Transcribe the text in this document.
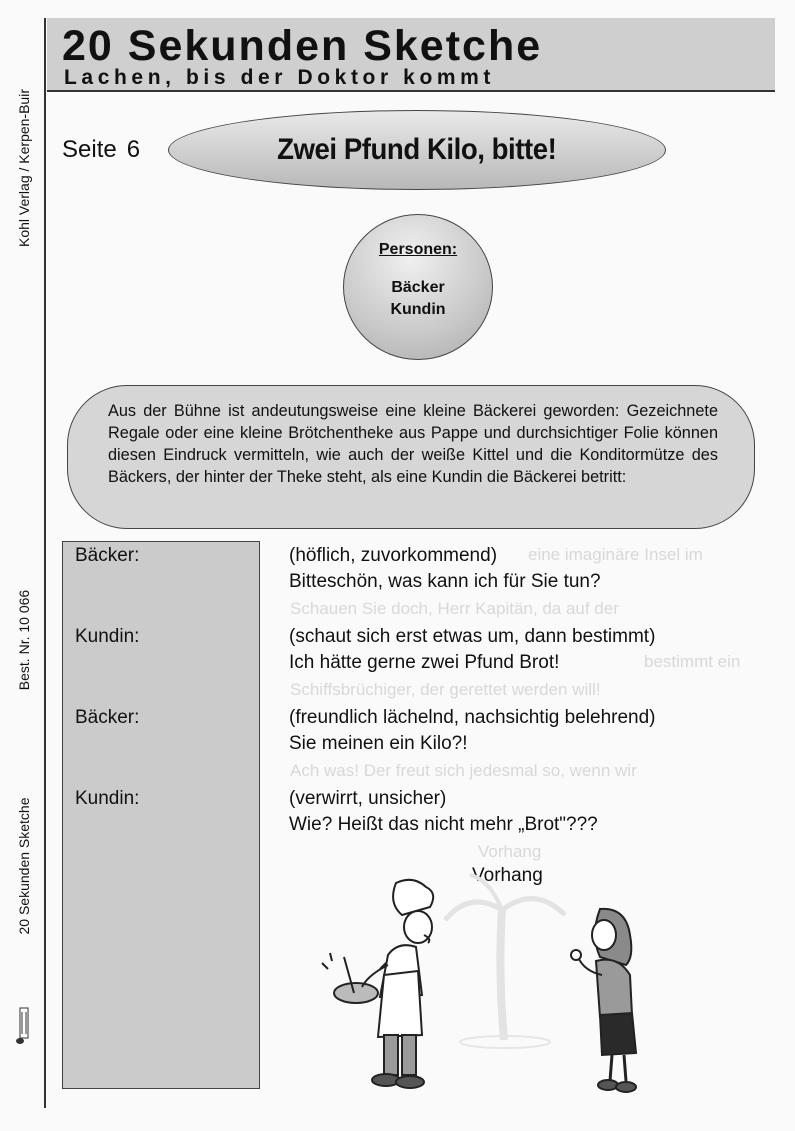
20 Sekunden Sketche
Lachen, bis der Doktor kommt
Kohl Verlag / Kerpen-Buir
Best. Nr. 10 066
20 Sekunden Sketche
Seite 6	Zwei Pfund Kilo, bitte!
Personen:
Bäcker
Kundin
Aus der Bühne ist andeutungsweise eine kleine Bäckerei geworden: Gezeichnete Regale oder eine kleine Brötchentheke aus Pappe und durchsichtiger Folie können diesen Eindruck vermitteln, wie auch der weiße Kittel und die Konditormütze des Bäckers, der hinter der Theke steht, als eine Kundin die Bäckerei betritt:
eine imaginäre Insel im
Schauen Sie doch, Herr Kapitän, da auf der
bestimmt ein
Schiffsbrüchiger, der gerettet werden will!
Ach was! Der freut sich jedesmal so, wenn wir
Vorhang
Bäcker:	(höflich, zuvorkommend)
Bitteschön, was kann ich für Sie tun?
Kundin:	(schaut sich erst etwas um, dann bestimmt)
Ich hätte gerne zwei Pfund Brot!
Bäcker:	(freundlich lächelnd, nachsichtig belehrend)
Sie meinen ein Kilo?!
Kundin:	(verwirrt, unsicher)
Wie? Heißt das nicht mehr „Brot"???
Vorhang
